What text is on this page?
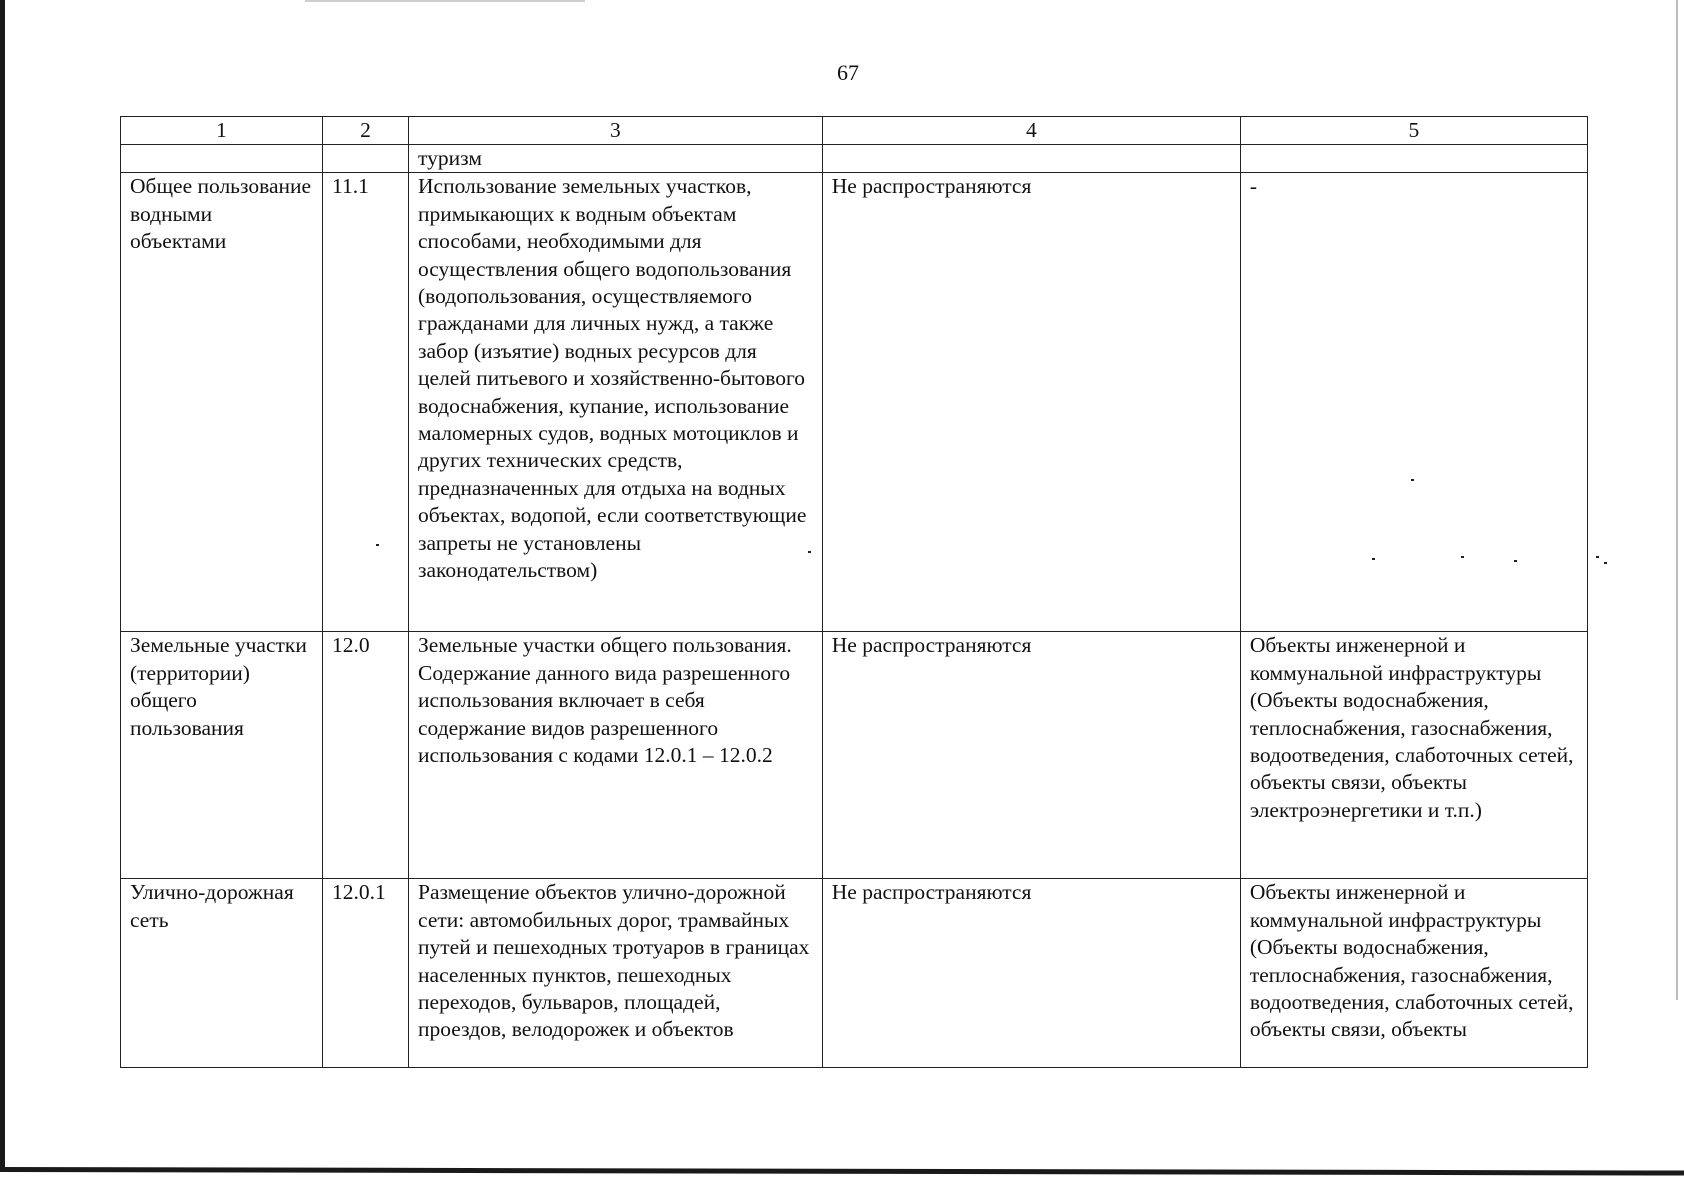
67
1	2	3	4	5
		туризм		
Общее пользование водными объектами	11.1	Использование земельных участков, примыкающих к водным объектам способами, необходимыми для осуществления общего водопользования (водопользования, осуществляемого гражданами для личных нужд, а также забор (изъятие) водных ресурсов для целей питьевого и хозяйственно-бытового водоснабжения, купание, использование маломерных судов, водных мотоциклов и других технических средств, предназначенных для отдыха на водных объектах, водопой, если соответствующие запреты не установлены законодательством)	Не распространяются	-
Земельные участки (территории) общего пользования	12.0	Земельные участки общего пользования. Содержание данного вида разрешенного использования включает в себя содержание видов разрешенного использования с кодами 12.0.1 – 12.0.2	Не распространяются	Объекты инженерной и коммунальной инфраструктуры (Объекты водоснабжения, теплоснабжения, газоснабжения, водоотведения, слаботочных сетей, объекты связи, объекты электроэнергетики и т.п.)
Улично-дорожная сеть	12.0.1	Размещение объектов улично-дорожной сети: автомобильных дорог, трамвайных путей и пешеходных тротуаров в границах населенных пунктов, пешеходных переходов, бульваров, площадей, проездов, велодорожек и объектов	Не распространяются	Объекты инженерной и коммунальной инфраструктуры (Объекты водоснабжения, теплоснабжения, газоснабжения, водоотведения, слаботочных сетей, объекты связи, объекты
